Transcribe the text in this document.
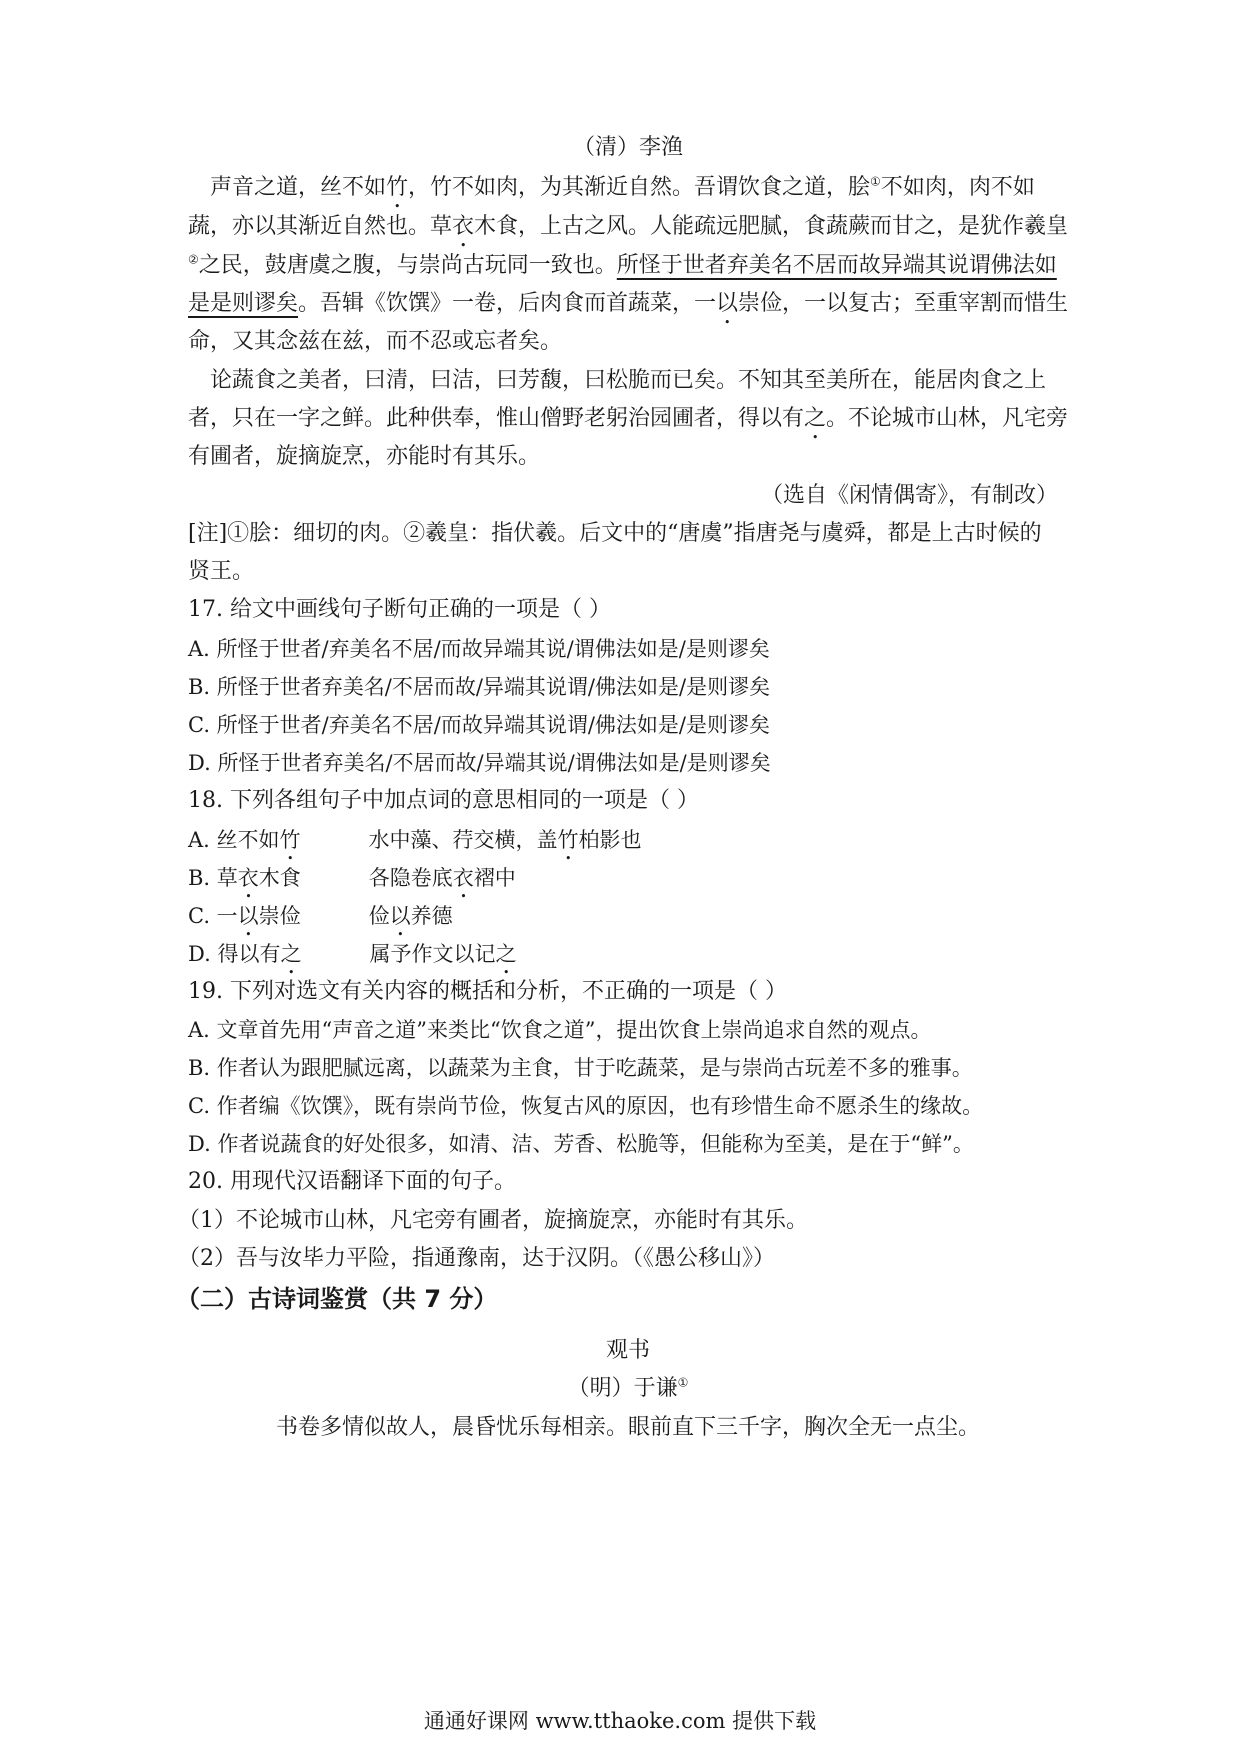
（清）李渔
声音之道，丝不如竹，竹不如肉，为其渐近自然。吾谓饮食之道，脍①不如肉，肉不如
蔬，亦以其渐近自然也。草衣木食，上古之风。人能疏远肥腻，食蔬蕨而甘之，是犹作羲皇
②之民，鼓唐虞之腹，与崇尚古玩同一致也。所怪于世者弃美名不居而故异端其说谓佛法如
是是则谬矣。吾辑《饮馔》一卷，后肉食而首蔬菜，一以崇俭，一以复古；至重宰割而惜生
命，又其念兹在兹，而不忍或忘者矣。
论蔬食之美者，曰清，曰洁，曰芳馥，曰松脆而已矣。不知其至美所在，能居肉食之上
者，只在一字之鲜。此种供奉，惟山僧野老躬治园圃者，得以有之。不论城市山林，凡宅旁
有圃者，旋摘旋烹，亦能时有其乐。
（选自《闲情偶寄》，有制改）
[注]①脍：细切的肉。②羲皇：指伏羲。后文中的“唐虞”指唐尧与虞舜，都是上古时候的
贤王。
17. 给文中画线句子断句正确的一项是（ ）
A. 所怪于世者/弃美名不居/而故异端其说/谓佛法如是/是则谬矣
B. 所怪于世者弃美名/不居而故/异端其说谓/佛法如是/是则谬矣
C. 所怪于世者/弃美名不居/而故异端其说谓/佛法如是/是则谬矣
D. 所怪于世者弃美名/不居而故/异端其说/谓佛法如是/是则谬矣
18. 下列各组句子中加点词的意思相同的一项是（ ）
A. 丝不如竹	水中藻、荇交横，盖竹柏影也
B. 草衣木食	各隐卷底衣褶中
C. 一以崇俭	俭以养德
D. 得以有之	属予作文以记之
19. 下列对选文有关内容的概括和分析，不正确的一项是（ ）
A. 文章首先用“声音之道”来类比“饮食之道”，提出饮食上崇尚追求自然的观点。
B. 作者认为跟肥腻远离，以蔬菜为主食，甘于吃蔬菜，是与崇尚古玩差不多的雅事。
C. 作者编《饮馔》，既有崇尚节俭，恢复古风的原因，也有珍惜生命不愿杀生的缘故。
D. 作者说蔬食的好处很多，如清、洁、芳香、松脆等，但能称为至美，是在于“鲜”。
20. 用现代汉语翻译下面的句子。
（1）不论城市山林，凡宅旁有圃者，旋摘旋烹，亦能时有其乐。
（2）吾与汝毕力平险，指通豫南，达于汉阴。（《愚公移山》）
（二）古诗词鉴赏（共 7 分）
观书
（明）于谦①
书卷多情似故人，晨昏忧乐每相亲。眼前直下三千字，胸次全无一点尘。
通通好课网 www.tthaoke.com 提供下载
